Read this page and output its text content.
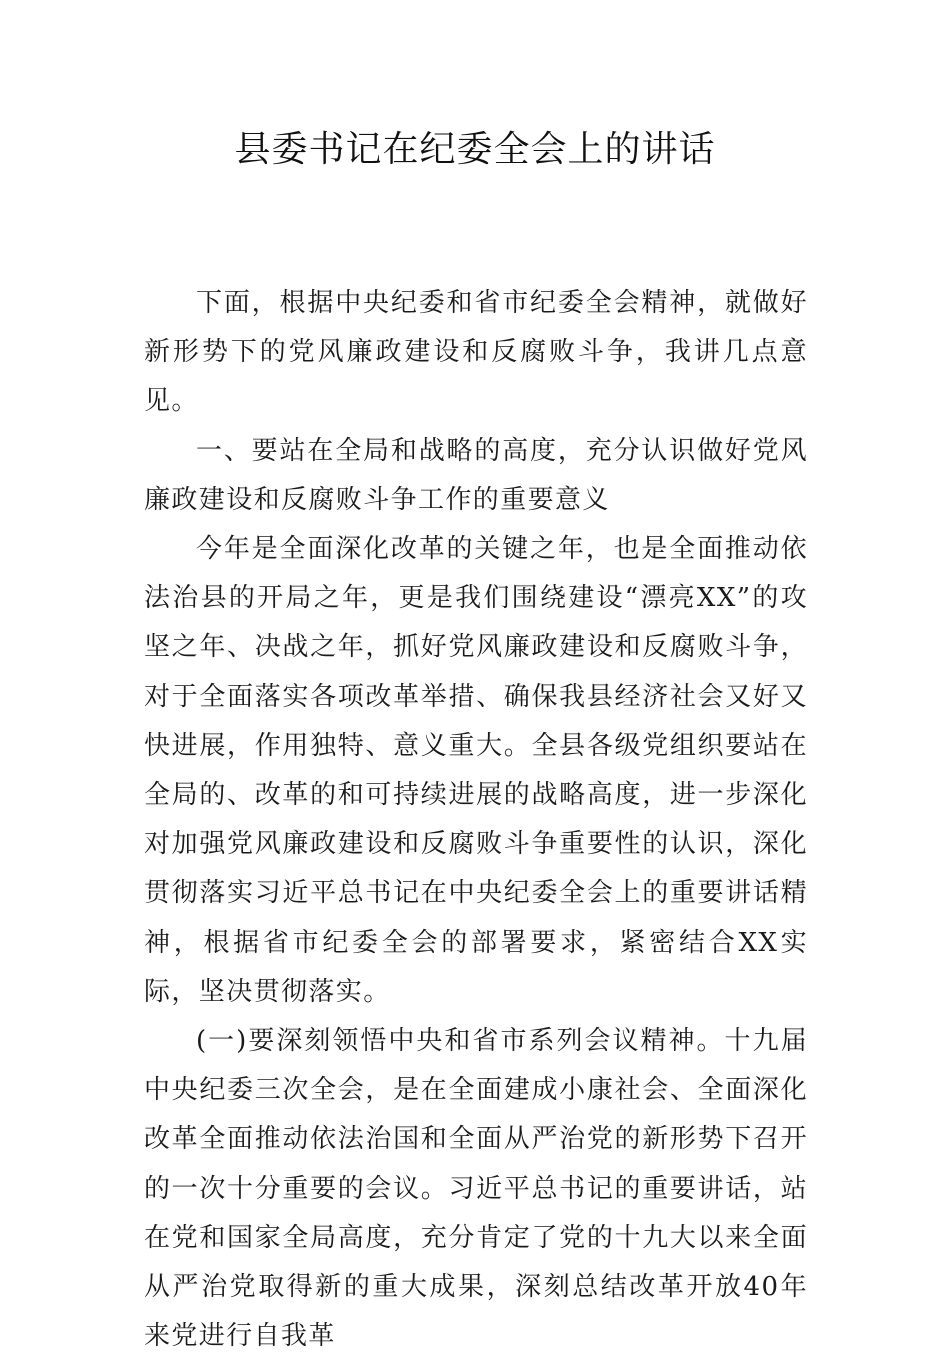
县委书记在纪委全会上的讲话

下面，根据中央纪委和省市纪委全会精神，就做好新形势下的党风廉政建设和反腐败斗争，我讲几点意见。

一、要站在全局和战略的高度，充分认识做好党风廉政建设和反腐败斗争工作的重要意义

今年是全面深化改革的关键之年，也是全面推动依法治县的开局之年，更是我们围绕建设“漂亮XX”的攻坚之年、决战之年，抓好党风廉政建设和反腐败斗争，对于全面落实各项改革举措、确保我县经济社会又好又快进展，作用独特、意义重大。全县各级党组织要站在全局的、改革的和可持续进展的战略高度，进一步深化对加强党风廉政建设和反腐败斗争重要性的认识，深化贯彻落实习近平总书记在中央纪委全会上的重要讲话精神，根据省市纪委全会的部署要求，紧密结合XX实际，坚决贯彻落实。

(一)要深刻领悟中央和省市系列会议精神。十九届中央纪委三次全会，是在全面建成小康社会、全面深化改革全面推动依法治国和全面从严治党的新形势下召开的一次十分重要的会议。习近平总书记的重要讲话，站在党和国家全局高度，充分肯定了党的十九大以来全面从严治党取得新的重大成果，深刻总结改革开放40年来党进行自我革
